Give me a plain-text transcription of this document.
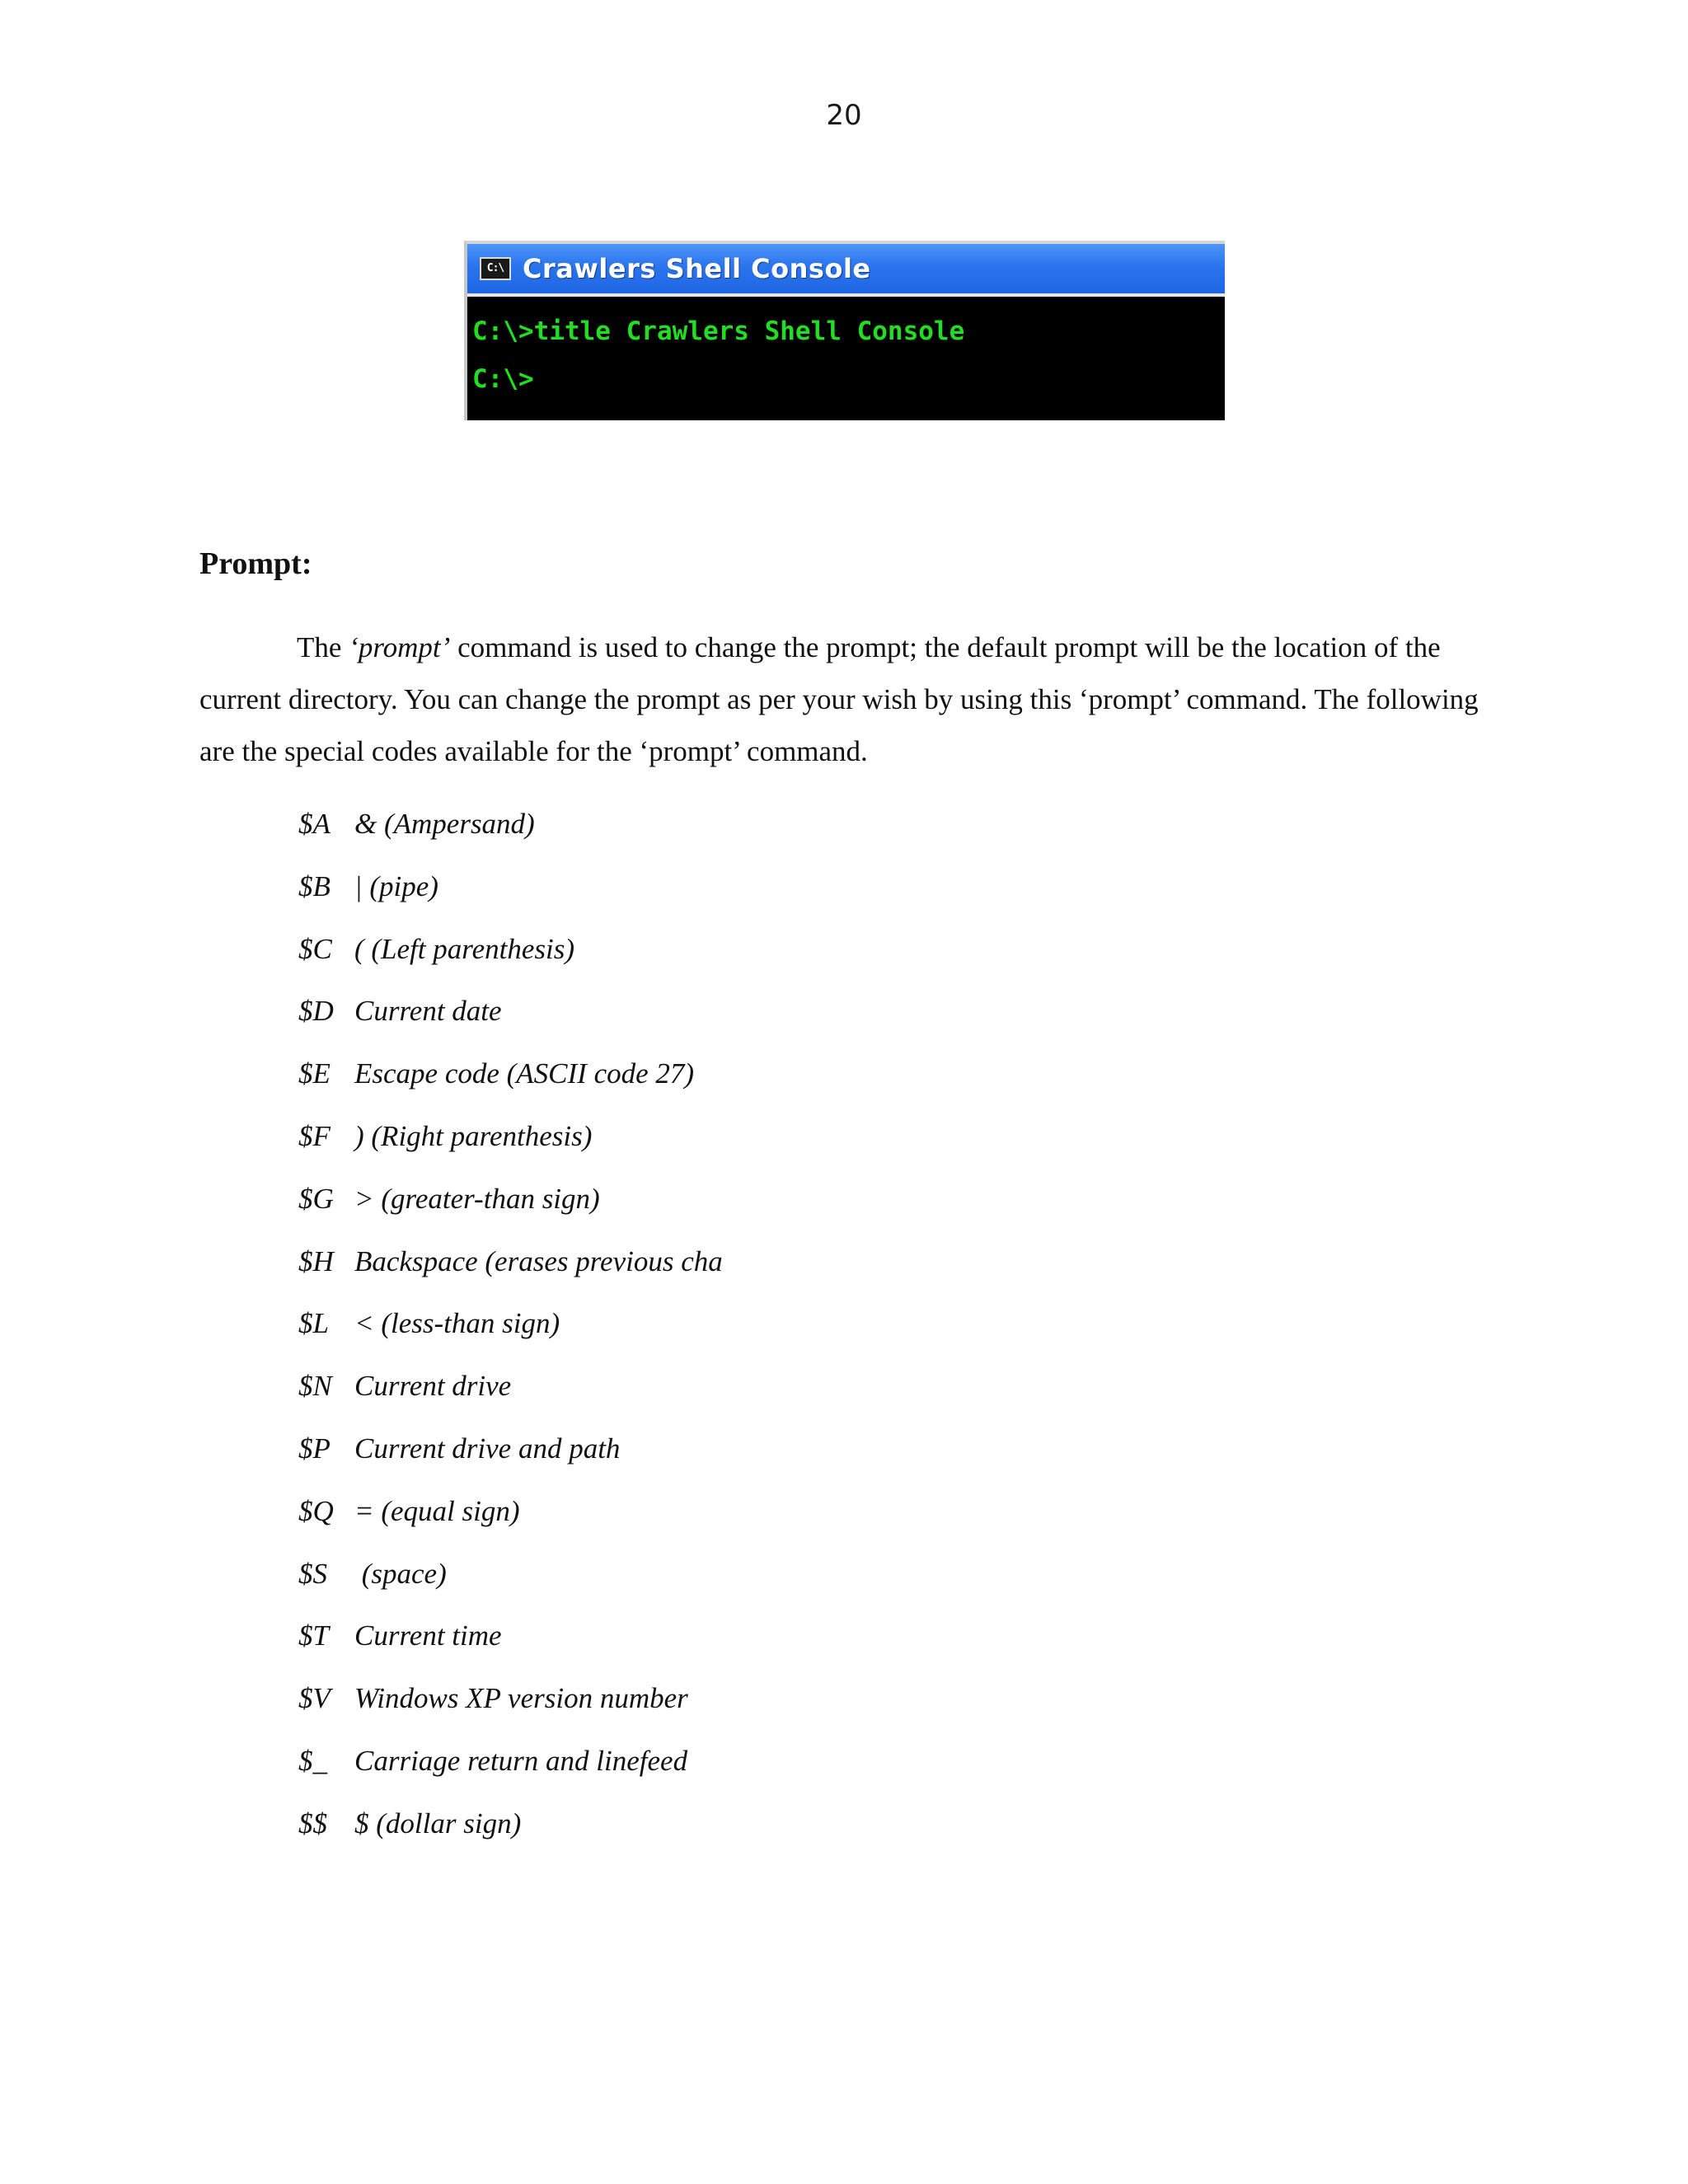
20
C:\ Crawlers Shell Console
C:\>title Crawlers Shell Console
C:\>
Prompt:
The ‘prompt’ command is used to change the prompt; the default prompt will be the location of the current directory. You can change the prompt as per your wish by using this ‘prompt’ command. The following are the special codes available for the ‘prompt’ command.
$A & (Ampersand)
$B | (pipe)
$C ( (Left parenthesis)
$D Current date
$E Escape code (ASCII code 27)
$F ) (Right parenthesis)
$G > (greater-than sign)
$H Backspace (erases previous cha
$L < (less-than sign)
$N Current drive
$P Current drive and path
$Q = (equal sign)
$S (space)
$T Current time
$V Windows XP version number
$_ Carriage return and linefeed
$$ $ (dollar sign)
